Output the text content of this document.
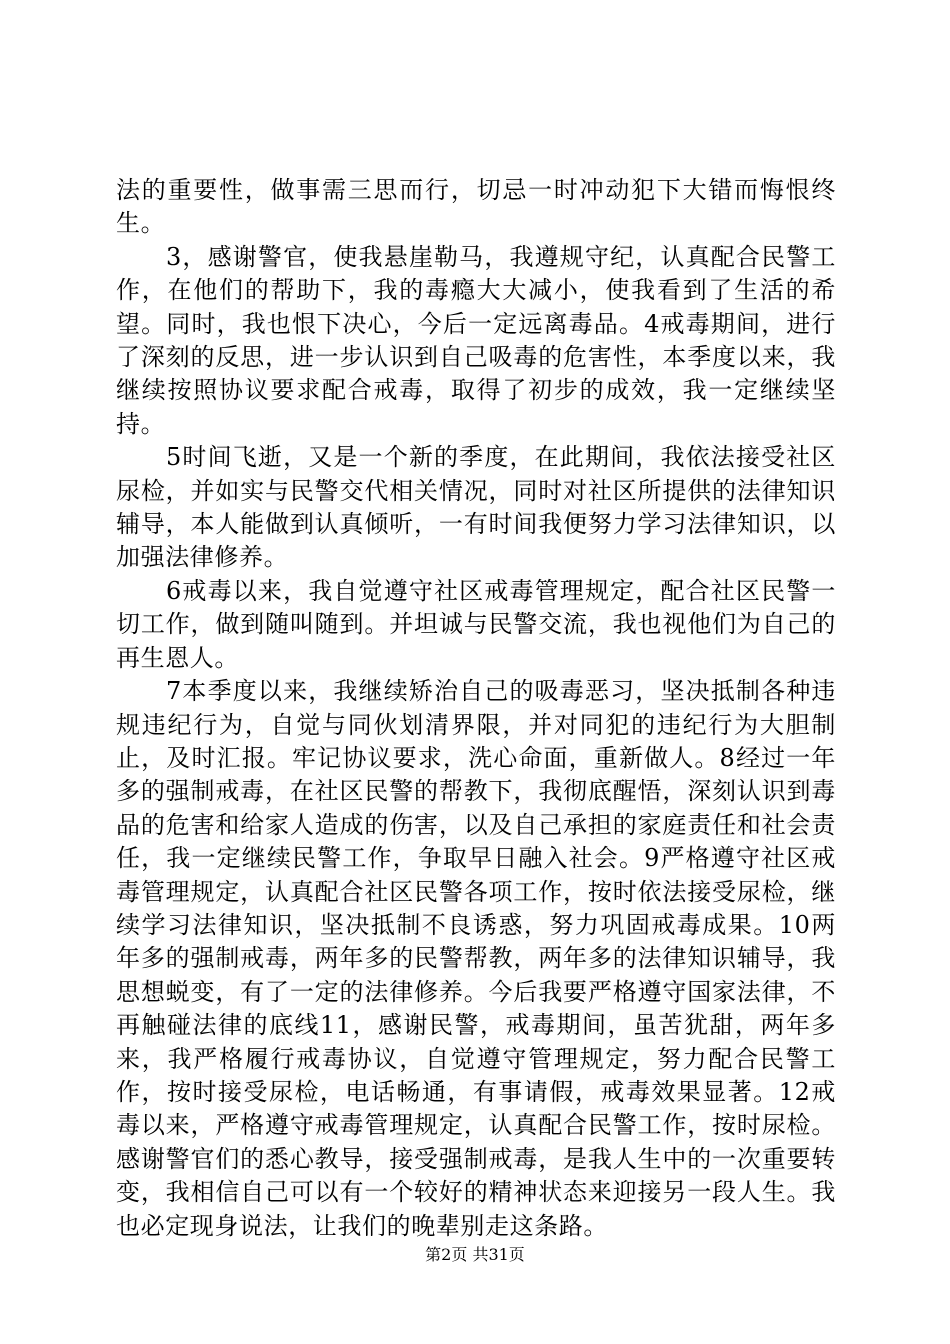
法的重要性，做事需三思而行，切忌一时冲动犯下大错而悔恨终生。

3，感谢警官，使我悬崖勒马，我遵规守纪，认真配合民警工作，在他们的帮助下，我的毒瘾大大减小，使我看到了生活的希望。同时，我也恨下决心，今后一定远离毒品。4戒毒期间，进行了深刻的反思，进一步认识到自己吸毒的危害性，本季度以来，我继续按照协议要求配合戒毒，取得了初步的成效，我一定继续坚持。

5时间飞逝，又是一个新的季度，在此期间，我依法接受社区尿检，并如实与民警交代相关情况，同时对社区所提供的法律知识辅导，本人能做到认真倾听，一有时间我便努力学习法律知识，以加强法律修养。

6戒毒以来，我自觉遵守社区戒毒管理规定，配合社区民警一切工作，做到随叫随到。并坦诚与民警交流，我也视他们为自己的再生恩人。

7本季度以来，我继续矫治自己的吸毒恶习，坚决抵制各种违规违纪行为，自觉与同伙划清界限，并对同犯的违纪行为大胆制止，及时汇报。牢记协议要求，洗心命面，重新做人。8经过一年多的强制戒毒，在社区民警的帮教下，我彻底醒悟，深刻认识到毒品的危害和给家人造成的伤害，以及自己承担的家庭责任和社会责任，我一定继续民警工作，争取早日融入社会。9严格遵守社区戒毒管理规定，认真配合社区民警各项工作，按时依法接受尿检，继续学习法律知识，坚决抵制不良诱惑，努力巩固戒毒成果。10两年多的强制戒毒，两年多的民警帮教，两年多的法律知识辅导，我思想蜕变，有了一定的法律修养。今后我要严格遵守国家法律，不再触碰法律的底线11，感谢民警，戒毒期间，虽苦犹甜，两年多来，我严格履行戒毒协议，自觉遵守管理规定，努力配合民警工作，按时接受尿检，电话畅通，有事请假，戒毒效果显著。12戒毒以来，严格遵守戒毒管理规定，认真配合民警工作，按时尿检。感谢警官们的悉心教导，接受强制戒毒，是我人生中的一次重要转变，我相信自己可以有一个较好的精神状态来迎接另一段人生。我也必定现身说法，让我们的晚辈别走这条路。

第2页 共31页
